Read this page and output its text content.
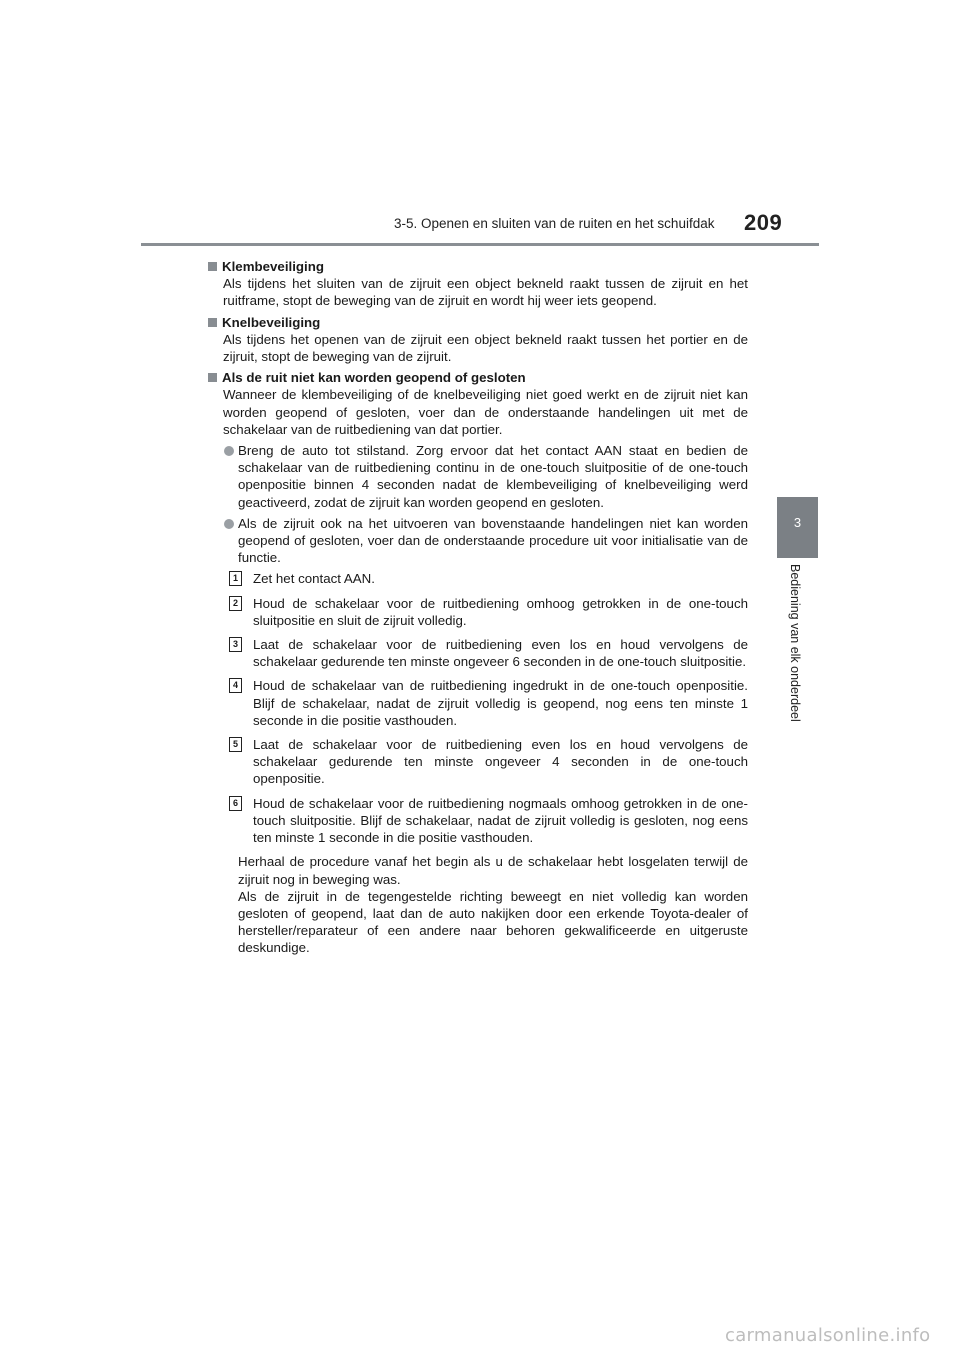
3-5. Openen en sluiten van de ruiten en het schuifdak 209
3
Bediening van elk onderdeel
Klembeveiliging
Als tijdens het sluiten van de zijruit een object bekneld raakt tussen de zijruit en het ruitframe, stopt de beweging van de zijruit en wordt hij weer iets geopend.
Knelbeveiliging
Als tijdens het openen van de zijruit een object bekneld raakt tussen het portier en de zijruit, stopt de beweging van de zijruit.
Als de ruit niet kan worden geopend of gesloten
Wanneer de klembeveiliging of de knelbeveiliging niet goed werkt en de zijruit niet kan worden geopend of gesloten, voer dan de onderstaande handelingen uit met de schakelaar van de ruitbediening van dat portier.
Breng de auto tot stilstand. Zorg ervoor dat het contact AAN staat en bedien de schakelaar van de ruitbediening continu in de one-touch sluitpositie of de one-touch openpositie binnen 4 seconden nadat de klembeveiliging of knelbeveiliging werd geactiveerd, zodat de zijruit kan worden geopend en gesloten.
Als de zijruit ook na het uitvoeren van bovenstaande handelingen niet kan worden geopend of gesloten, voer dan de onderstaande procedure uit voor initialisatie van de functie.
1	Zet het contact AAN.
2	Houd de schakelaar voor de ruitbediening omhoog getrokken in de one-touch sluitpositie en sluit de zijruit volledig.
3	Laat de schakelaar voor de ruitbediening even los en houd vervolgens de schakelaar gedurende ten minste ongeveer 6 seconden in de one-touch sluitpositie.
4	Houd de schakelaar van de ruitbediening ingedrukt in de one-touch openpositie. Blijf de schakelaar, nadat de zijruit volledig is geopend, nog eens ten minste 1 seconde in die positie vasthouden.
5	Laat de schakelaar voor de ruitbediening even los en houd vervolgens de schakelaar gedurende ten minste ongeveer 4 seconden in de one-touch openpositie.
6	Houd de schakelaar voor de ruitbediening nogmaals omhoog getrokken in de one-touch sluitpositie. Blijf de schakelaar, nadat de zijruit volledig is gesloten, nog eens ten minste 1 seconde in die positie vasthouden.
Herhaal de procedure vanaf het begin als u de schakelaar hebt losgelaten terwijl de zijruit nog in beweging was.
Als de zijruit in de tegengestelde richting beweegt en niet volledig kan worden gesloten of geopend, laat dan de auto nakijken door een erkende Toyota-dealer of hersteller/reparateur of een andere naar behoren gekwalificeerde en uitgeruste deskundige.
carmanualsonline.info
